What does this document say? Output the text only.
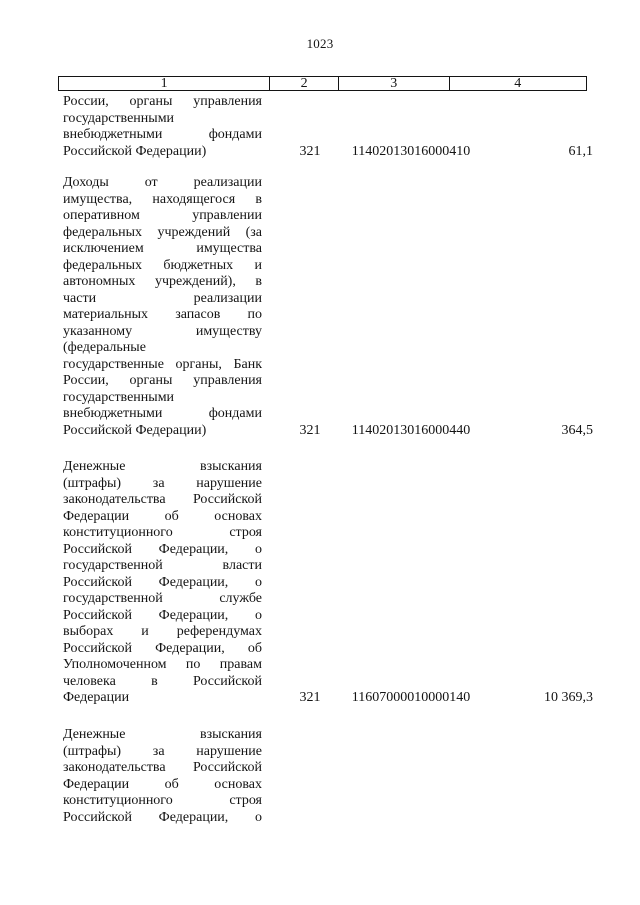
1023
1	2	3	4
России, органы управления
государственными
внебюджетными фондами
Российской Федерации)	321	11402013016000410	61,1
Доходы от реализации
имущества, находящегося в
оперативном управлении
федеральных учреждений (за
исключением имущества
федеральных бюджетных и
автономных учреждений), в
части реализации
материальных запасов по
указанному имуществу
(федеральные
государственные органы, Банк
России, органы управления
государственными
внебюджетными фондами
Российской Федерации)	321	11402013016000440	364,5
Денежные взыскания
(штрафы) за нарушение
законодательства Российской
Федерации об основах
конституционного строя
Российской Федерации, о
государственной власти
Российской Федерации, о
государственной службе
Российской Федерации, о
выборах и референдумах
Российской Федерации, об
Уполномоченном по правам
человека в Российской
Федерации	321	11607000010000140	10 369,3
Денежные взыскания
(штрафы) за нарушение
законодательства Российской
Федерации об основах
конституционного строя
Российской Федерации, о
